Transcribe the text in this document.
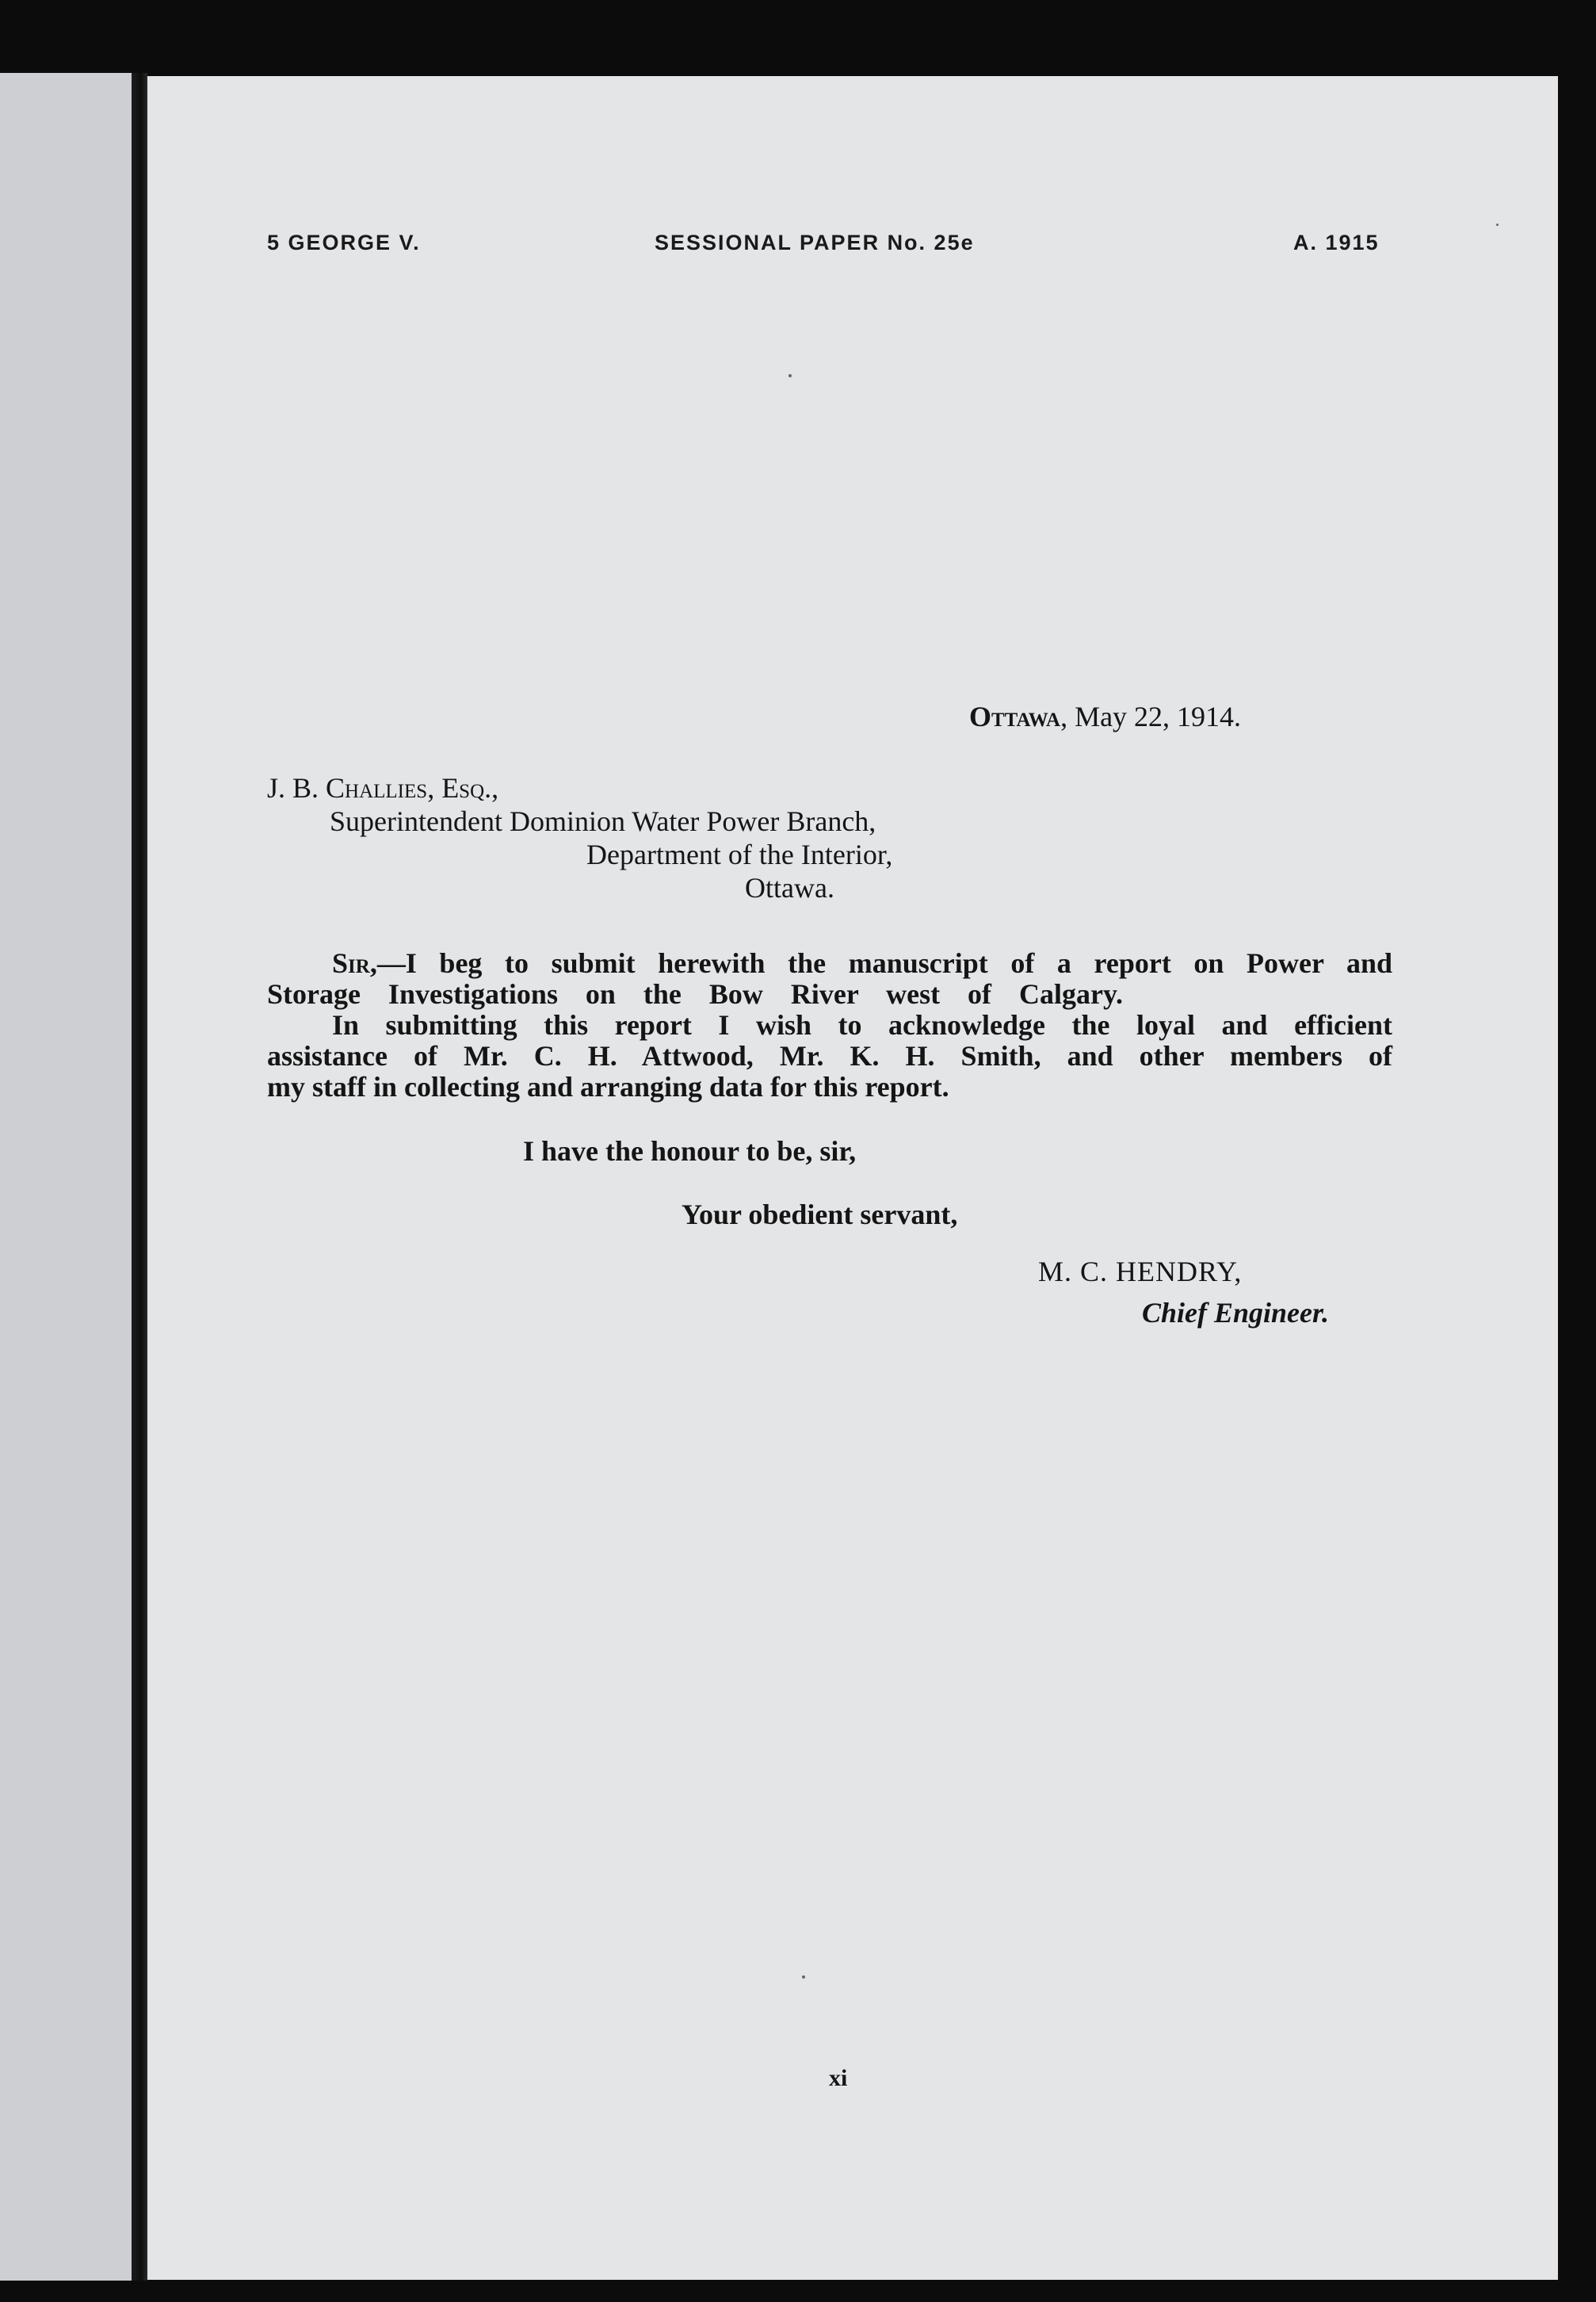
5 GEORGE V.	SESSIONAL PAPER No. 25e	A. 1915
Ottawa, May 22, 1914.
J. B. Challies, Esq.,
Superintendent Dominion Water Power Branch,
Department of the Interior,
Ottawa.
Sir,—I beg to submit herewith the manuscript of a report on Power and
Storage Investigations on the Bow River west of Calgary.
In submitting this report I wish to acknowledge the loyal and efficient
assistance of Mr. C. H. Attwood, Mr. K. H. Smith, and other members of
my staff in collecting and arranging data for this report.
I have the honour to be, sir,
Your obedient servant,
M. C. HENDRY,
Chief Engineer.
xi
